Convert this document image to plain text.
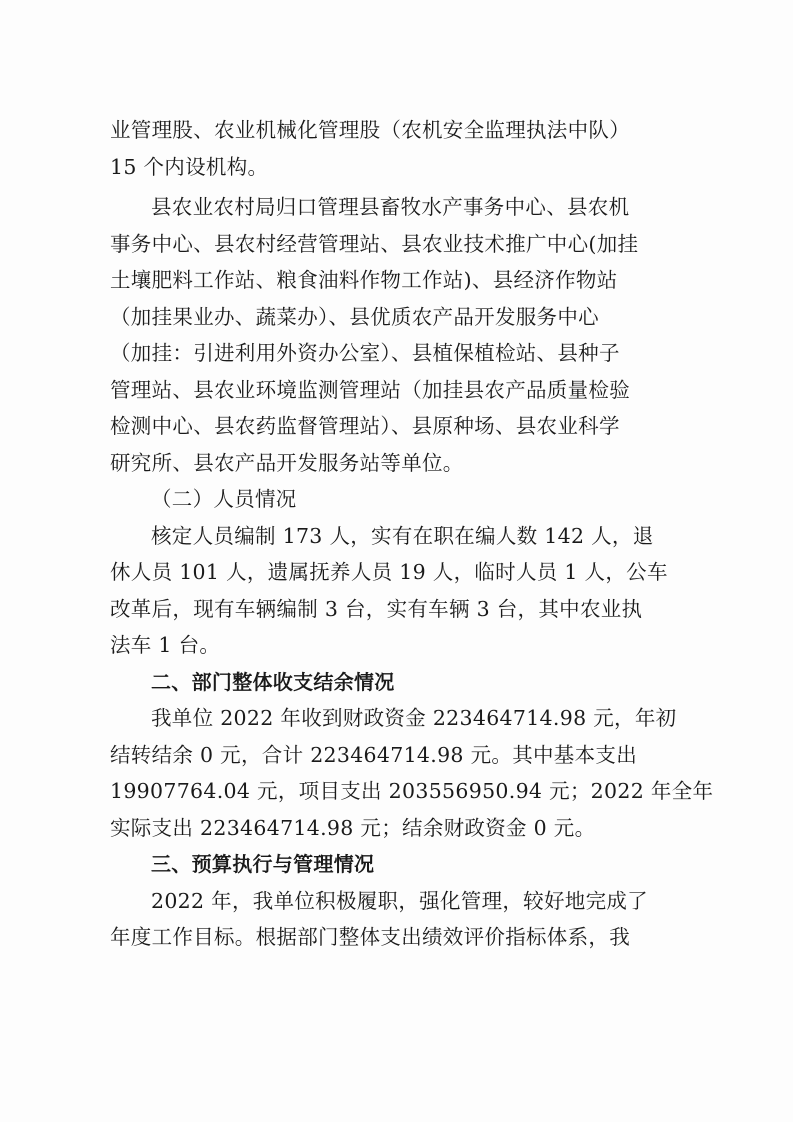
业管理股、农业机械化管理股（农机安全监理执法中队）
15 个内设机构。
县农业农村局归口管理县畜牧水产事务中心、县农机
事务中心、县农村经营管理站、县农业技术推广中心(加挂
土壤肥料工作站、粮食油料作物工作站)、县经济作物站
（加挂果业办、蔬菜办）、县优质农产品开发服务中心
（加挂：引进利用外资办公室）、县植保植检站、县种子
管理站、县农业环境监测管理站（加挂县农产品质量检验
检测中心、县农药监督管理站）、县原种场、县农业科学
研究所、县农产品开发服务站等单位。
（二）人员情况
核定人员编制 173 人，实有在职在编人数 142 人，退
休人员 101 人，遗属抚养人员 19 人，临时人员 1 人，公车
改革后，现有车辆编制 3 台，实有车辆 3 台，其中农业执
法车 1 台。
二、部门整体收支结余情况
我单位 2022 年收到财政资金 223464714.98 元，年初
结转结余 0 元，合计 223464714.98 元。其中基本支出
19907764.04 元，项目支出 203556950.94 元；2022 年全年
实际支出 223464714.98 元；结余财政资金 0 元。
三、预算执行与管理情况
2022 年，我单位积极履职，强化管理，较好地完成了
年度工作目标。根据部门整体支出绩效评价指标体系，我
